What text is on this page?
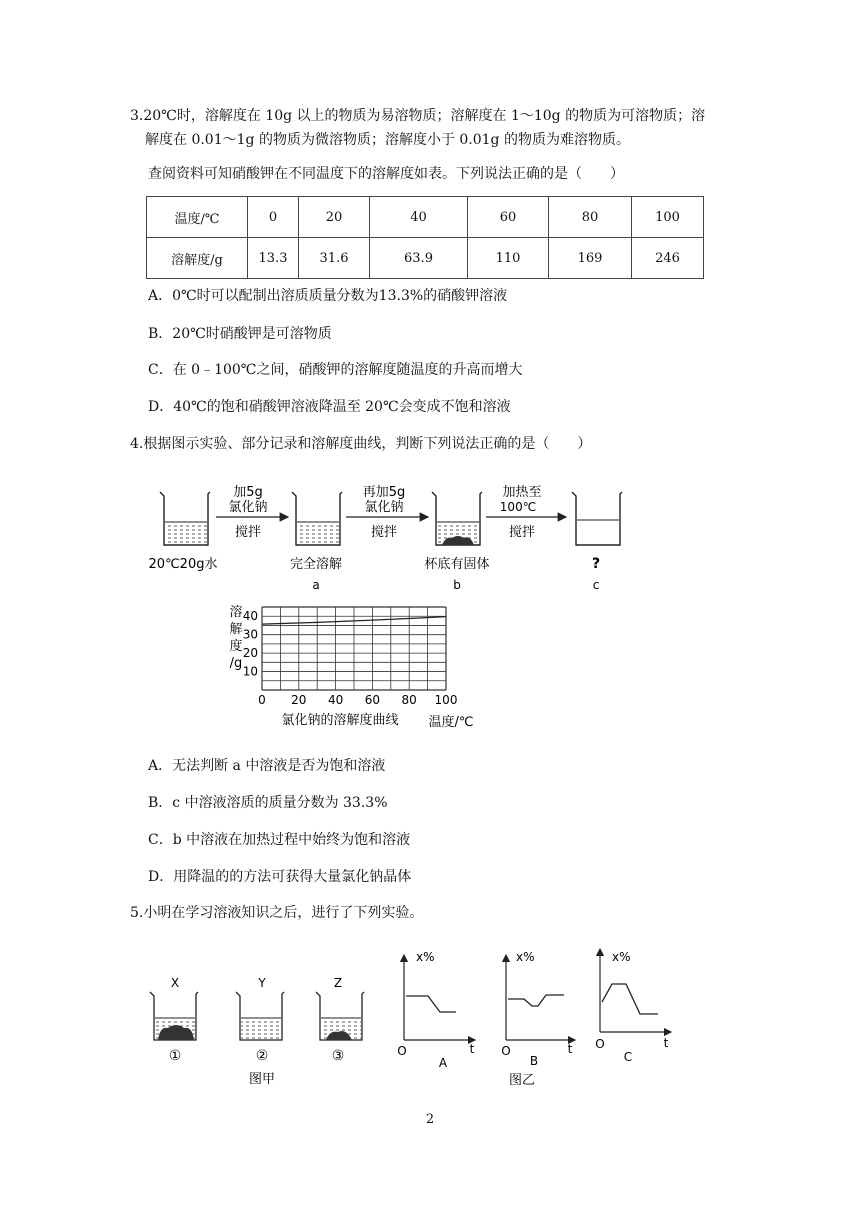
3.20℃时，溶解度在 10g 以上的物质为易溶物质；溶解度在 1～10g 的物质为可溶物质；溶
解度在 0.01～1g 的物质为微溶物质；溶解度小于 0.01g 的物质为难溶物质。
查阅资料可知硝酸钾在不同温度下的溶解度如表。下列说法正确的是（　　）
温度/℃	0	20	40	60	80	100
溶解度/g	13.3	31.6	63.9	110	169	246
A．0℃时可以配制出溶质质量分数为13.3%的硝酸钾溶液
B．20℃时硝酸钾是可溶物质
C．在 0﹣100℃之间，硝酸钾的溶解度随温度的升高而增大
D．40℃的饱和硝酸钾溶液降温至 20℃会变成不饱和溶液
4.根据图示实验、部分记录和溶解度曲线，判断下列说法正确的是（　　）
加5g
氯化钠
搅拌
再加5g
氯化钠
搅拌
加热至
100℃
搅拌
20℃20g水	完全溶解
a
杯底有固体
b
?
c
0 20 40 60 80 100
10
20
30
40
溶
解
度
/g
氯化钠的溶解度曲线 温度/℃
A．无法判断 a 中溶液是否为饱和溶液
B．c 中溶液溶质的质量分数为 33.3%
C．b 中溶液在加热过程中始终为饱和溶液
D．用降温的的方法可获得大量氯化钠晶体
5.小明在学习溶液知识之后，进行了下列实验。
X	Y	Z
①	②	③
图甲
x%
O	t
A
x%
O	t
B
x%
O	t
C
图乙
2
